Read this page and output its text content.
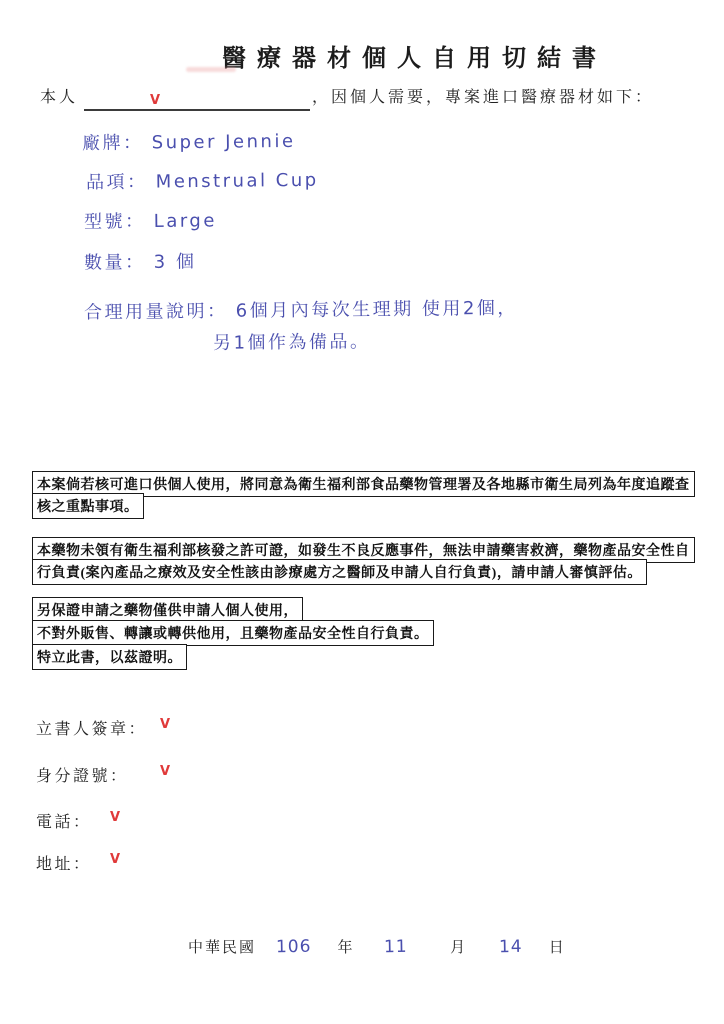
醫療器材個人自用切結書
本人	V	，因個人需要，專案進口醫療器材如下：
廠牌： Super Jennie
品項： Menstrual Cup
型號： Large
數量： 3 個
合理用量說明： 6個月內每次生理期 使用2個，
另1個作為備品。
本案倘若核可進口供個人使用，將同意為衛生福利部食品藥物管理署及各地縣市衛生局列為年度追蹤查
核之重點事項。
本藥物未領有衛生福利部核發之許可證，如發生不良反應事件，無法申請藥害救濟，藥物產品安全性自
行負責(案內產品之療效及安全性該由診療處方之醫師及申請人自行負責)，請申請人審慎評估。
另保證申請之藥物僅供申請人個人使用，
不對外販售、轉讓或轉供他用，且藥物產品安全性自行負責。
特立此書，以茲證明。
立書人簽章： V
身分證號： V
電話： V
地址： V
中華民國 106 年 11	月 14 日
